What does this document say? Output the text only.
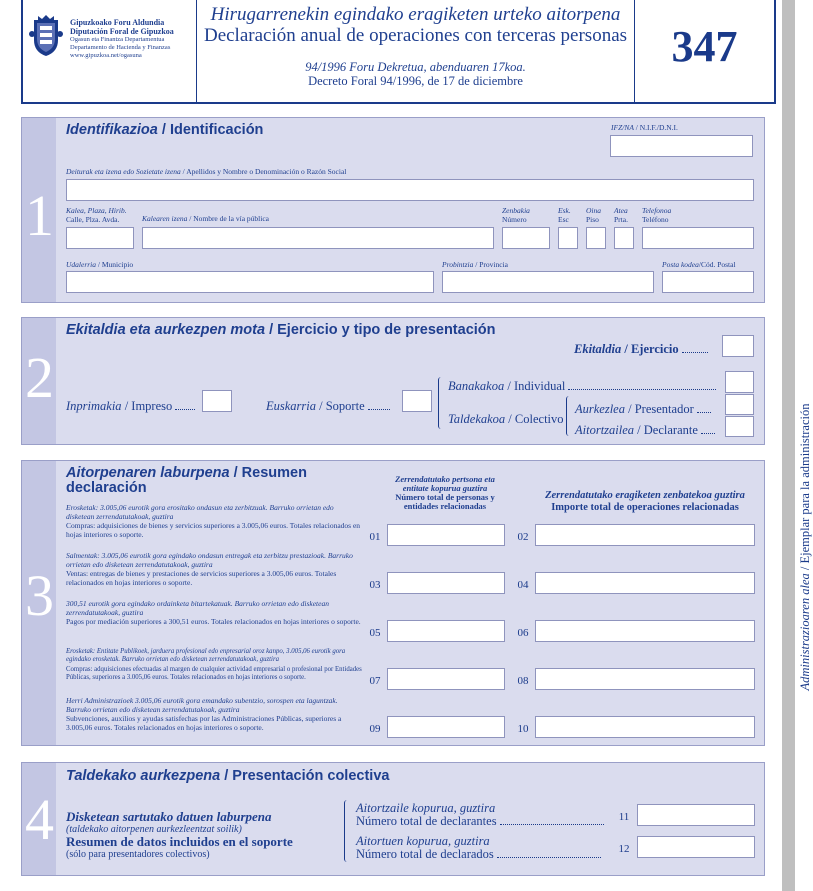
Gipuzkoako Foru Aldundia
Diputación Foral de Gipuzkoa
Ogasun eta Finantza Departamentua
Departamento de Hacienda y Finanzas
www.gipuzkoa.net/ogasuna
Hirugarrenekin egindako eragiketen urteko aitorpena
Declaración anual de operaciones con terceras personas
94/1996 Foru Dekretua, abenduaren 17koa.
Decreto Foral 94/1996, de 17 de diciembre
347
Administrazioaren alea / Ejemplar para la administración
1
Identifikazioa / Identificación	IFZ/NA / N.I.F./D.N.I.
Deiturak eta izena edo Sozietate izena / Apellidos y Nombre o Denominación o Razón Social
Kalea, Plaza, Hirib.
Calle, Plza. Avda.	Kalearen izena / Nombre de la vía pública
Zenbakia
Número
Esk.
Esc
Oina
Piso
Atea
Prta.
Telefonoa
Teléfono
Udalerria / Municipio	Probintzia / Provincia	Posta kodea/Cód. Postal
2
Ekitaldia eta aurkezpen mota / Ejercicio y tipo de presentación
Ekitaldia / Ejercicio
Inprimakia / Impreso	Euskarria / Soporte
Banakakoa / Individual
Taldekakoa / Colectivo
Aurkezlea / Presentador
Aitortzailea / Declarante
3
Aitorpenaren laburpena / Resumen
declaración
Zerrendatutako pertsona eta entitate kopurua guztira
Número total de personas y entidades relacionadas
Zerrendatutako eragiketen zenbatekoa guztira
Importe total de operaciones relacionadas
Erosketak: 3.005,06 eurotik gora erositako ondasun eta zerbitzuak. Barruko orrietan edo disketean zerrendatutakoak, guztira
Compras: adquisiciones de bienes y servicios superiores a 3.005,06 euros. Totales relacionados en hojas interiores o soporte.	01	02
Salmentak: 3.005,06 eurotik gora egindako ondasun entregak eta zerbitzu prestazioak. Barruko orrietan edo disketean zerrendatutakoak, guztira
Ventas: entregas de bienes y prestaciones de servicios superiores a 3.005,06 euros. Totales relacionados en hojas interiores o soporte.	03	04
300,51 eurotik gora egindako ordainketa bitartekatuak. Barruko orrietan edo disketean zerrendatutakoak, guztira
Pagos por mediación superiores a 300,51 euros. Totales relacionados en hojas interiores o soporte.
05	06
Erosketak: Entitate Publikoek, jarduera profesional edo enpresarial oroz kanpo, 3.005,06 eurotik gora egindako erosketak. Barruko orrietan edo disketean zerrendatutakoak, guztira
Compras: adquisiciones efectuadas al margen de cualquier actividad empresarial o profesional por Entidades Públicas, superiores a 3.005,06 euros. Totales relacionados en hojas interiores o soporte.	07	08
Herri Administrazioek 3.005,06 eurotik gora emandako subentzio, sorospen eta laguntzak. Barruko orrietan edo disketean zerrendatutakoak, guztira
Subvenciones, auxilios y ayudas satisfechas por las Administraciones Públicas, superiores a 3.005,06 euros. Totales relacionados en hojas interiores o soporte.	09	10
4
Taldekako aurkezpena / Presentación colectiva
Disketean sartutako datuen laburpena
(taldekako aitorpenen aurkezleentzat soilik)
Resumen de datos incluidos en el soporte
(sólo para presentadores colectivos)
Aitortzaile kopurua, guztira
Número total de declarantes	11
Aitortuen kopurua, guztira
Número total de declarados	12
